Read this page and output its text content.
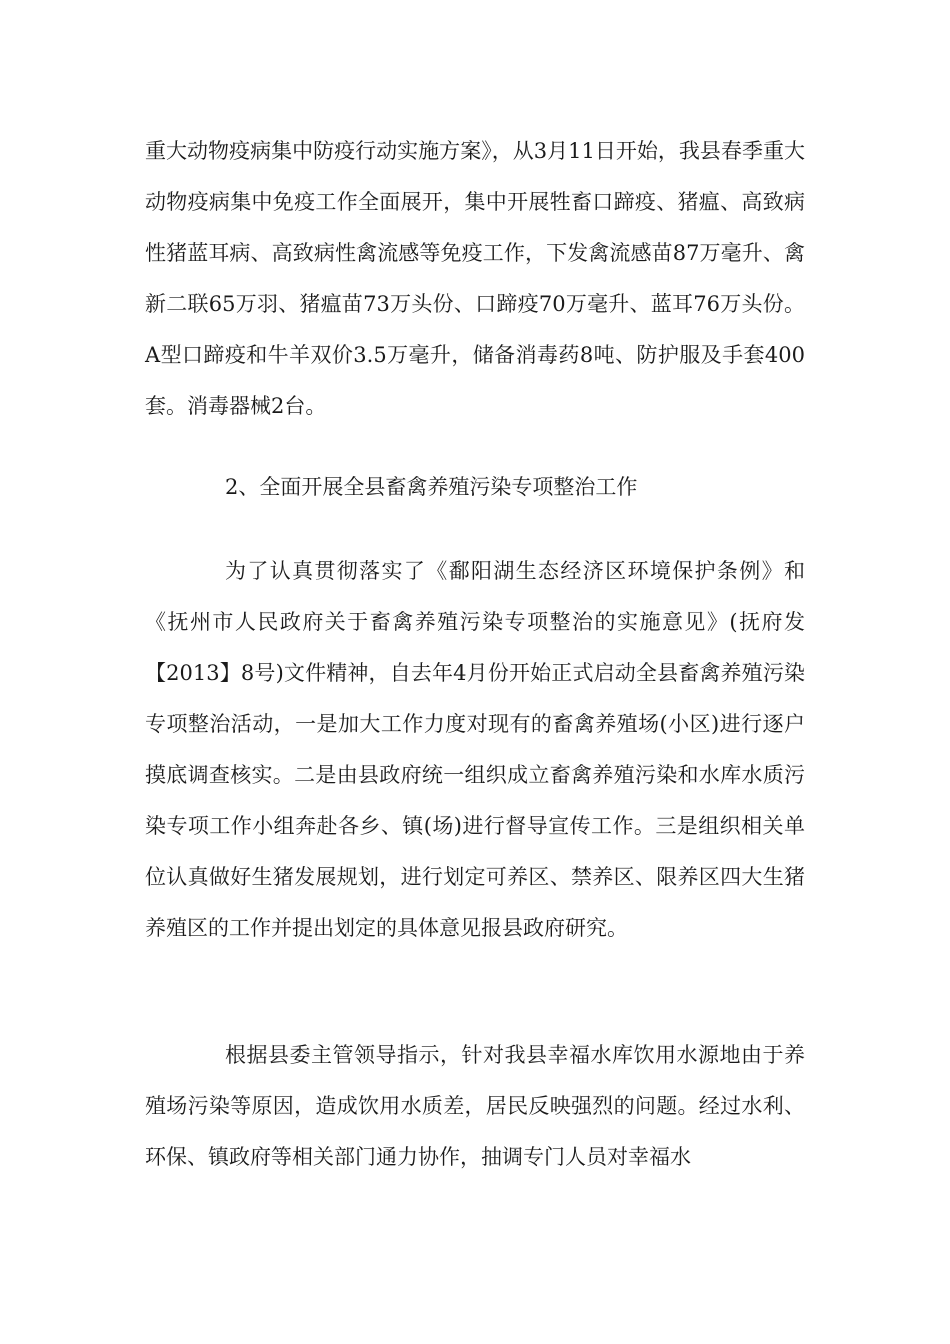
重大动物疫病集中防疫行动实施方案》，从3月11日开始，我县春季重大动物疫病集中免疫工作全面展开，集中开展牲畜口蹄疫、猪瘟、高致病性猪蓝耳病、高致病性禽流感等免疫工作，下发禽流感苗87万毫升、禽新二联65万羽、猪瘟苗73万头份、口蹄疫70万毫升、蓝耳76万头份。A型口蹄疫和牛羊双价3.5万毫升，储备消毒药8吨、防护服及手套400套。消毒器械2台。

2、全面开展全县畜禽养殖污染专项整治工作

为了认真贯彻落实了《鄱阳湖生态经济区环境保护条例》和《抚州市人民政府关于畜禽养殖污染专项整治的实施意见》(抚府发【2013】8号)文件精神，自去年4月份开始正式启动全县畜禽养殖污染专项整治活动，一是加大工作力度对现有的畜禽养殖场(小区)进行逐户摸底调查核实。二是由县政府统一组织成立畜禽养殖污染和水库水质污染专项工作小组奔赴各乡、镇(场)进行督导宣传工作。三是组织相关单位认真做好生猪发展规划，进行划定可养区、禁养区、限养区四大生猪养殖区的工作并提出划定的具体意见报县政府研究。

根据县委主管领导指示，针对我县幸福水库饮用水源地由于养殖场污染等原因，造成饮用水质差，居民反映强烈的问题。经过水利、环保、镇政府等相关部门通力协作，抽调专门人员对幸福水
